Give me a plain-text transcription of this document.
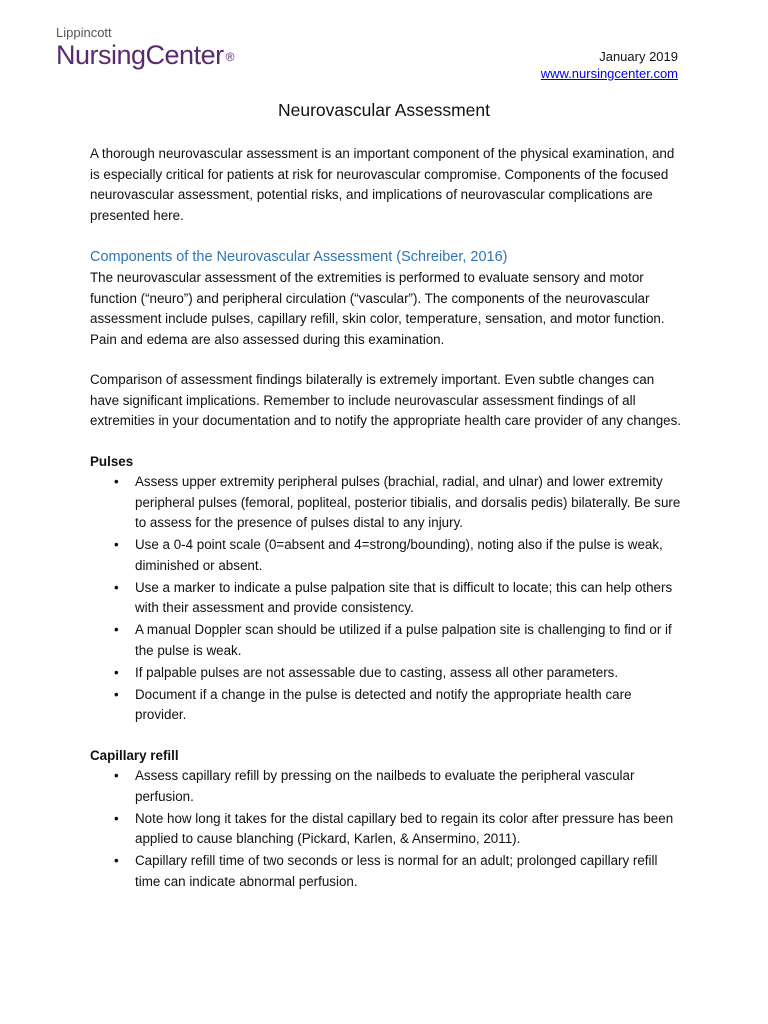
Lippincott
NursingCenter ®	January 2019
www.nursingcenter.com
Neurovascular Assessment

A thorough neurovascular assessment is an important component of the physical examination, and is especially critical for patients at risk for neurovascular compromise. Components of the focused neurovascular assessment, potential risks, and implications of neurovascular complications are presented here.

Components of the Neurovascular Assessment (Schreiber, 2016)

The neurovascular assessment of the extremities is performed to evaluate sensory and motor function (“neuro”) and peripheral circulation (“vascular”). The components of the neurovascular assessment include pulses, capillary refill, skin color, temperature, sensation, and motor function. Pain and edema are also assessed during this examination.

Comparison of assessment findings bilaterally is extremely important. Even subtle changes can have significant implications. Remember to include neurovascular assessment findings of all extremities in your documentation and to notify the appropriate health care provider of any changes.

Pulses
• Assess upper extremity peripheral pulses (brachial, radial, and ulnar) and lower extremity peripheral pulses (femoral, popliteal, posterior tibialis, and dorsalis pedis) bilaterally. Be sure to assess for the presence of pulses distal to any injury.
• Use a 0-4 point scale (0=absent and 4=strong/bounding), noting also if the pulse is weak, diminished or absent.
• Use a marker to indicate a pulse palpation site that is difficult to locate; this can help others with their assessment and provide consistency.
• A manual Doppler scan should be utilized if a pulse palpation site is challenging to find or if the pulse is weak.
• If palpable pulses are not assessable due to casting, assess all other parameters.
• Document if a change in the pulse is detected and notify the appropriate health care provider.
Capillary refill
• Assess capillary refill by pressing on the nailbeds to evaluate the peripheral vascular perfusion.
• Note how long it takes for the distal capillary bed to regain its color after pressure has been applied to cause blanching (Pickard, Karlen, & Ansermino, 2011).
• Capillary refill time of two seconds or less is normal for an adult; prolonged capillary refill time can indicate abnormal perfusion.
